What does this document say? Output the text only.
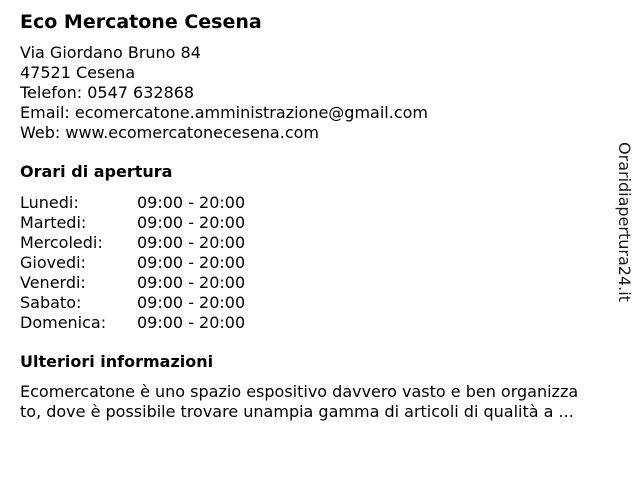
Eco Mercatone Cesena
Via Giordano Bruno 84
47521 Cesena
Telefon: 0547 632868
Email: ecomercatone.amministrazione@gmail.com
Web: www.ecomercatonecesena.com
Orari di apertura
Lunedi:	09:00 - 20:00
Martedi:	09:00 - 20:00
Mercoledi:	09:00 - 20:00
Giovedi:	09:00 - 20:00
Venerdi:	09:00 - 20:00
Sabato:	09:00 - 20:00
Domenica:	09:00 - 20:00
Ulteriori informazioni
Ecomercatone è uno spazio espositivo davvero vasto e ben organizza
to, dove è possibile trovare unampia gamma di articoli di qualità a ...
Oraridiapertura24.it
